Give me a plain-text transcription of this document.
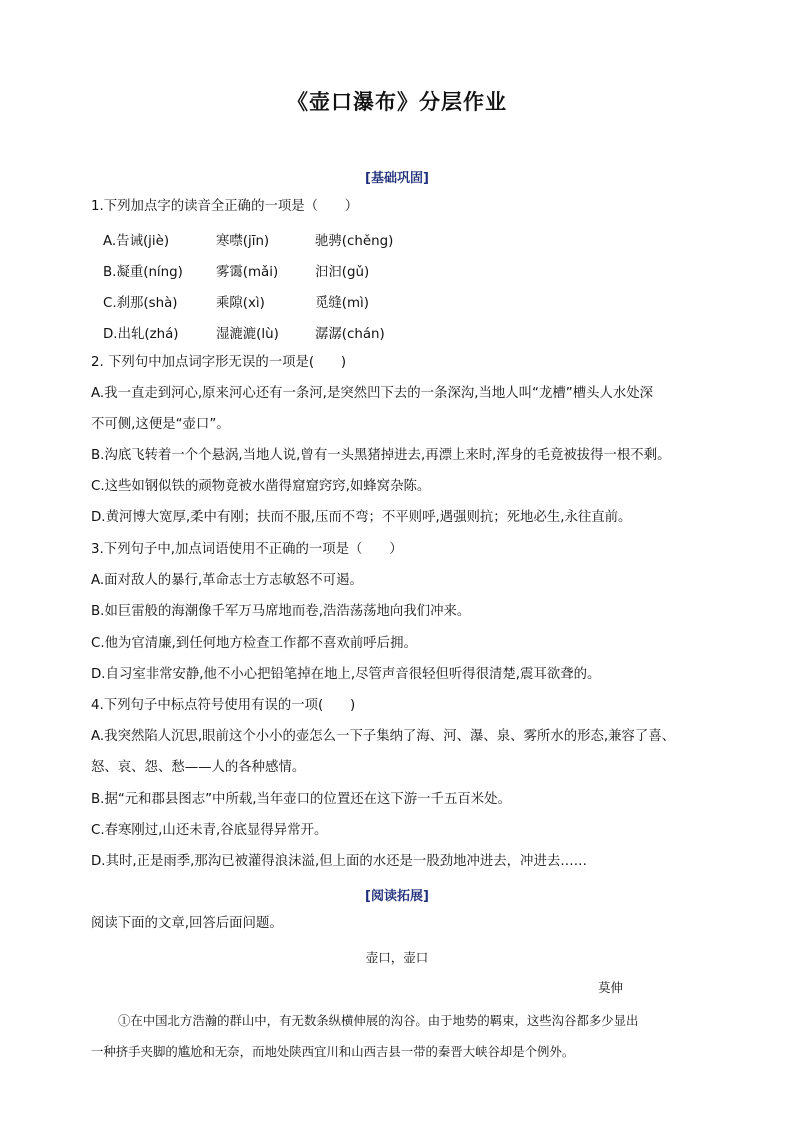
《壶口瀑布》分层作业
[基础巩固]
1.下列加点字的读音全正确的一项是（　　）
A.告诫(jiè)	寒噤(jīn)	驰骋(chěng)
B.凝重(níng) 雾霭(mǎi)	汩汩(gǔ)
C.刹那(shà)	乘隙(xì)	觅缝(mì)
D.出轧(zhá)	湿漉漉(lù)	潺潺(chán)
2. 下列句中加点词字形无误的一项是(　　)
A.我一直走到河心,原来河心还有一条河,是突然凹下去的一条深沟,当地人叫“龙槽”槽头人水处深
不可侧,这便是“壶口”。
B.沟底飞转着一个个悬涡,当地人说,曾有一头黑猪掉进去,再漂上来时,浑身的毛竟被拔得一根不剩。
C.这些如钢似铁的顽物竟被水凿得窟窟窍窍,如蜂窝杂陈。
D.黄河博大宽厚,柔中有刚；扶而不服,压而不弯；不平则呼,遇强则抗；死地必生,永往直前。
3.下列句子中,加点词语使用不正确的一项是（　　）
A.面对敌人的暴行,革命志士方志敏怒不可遏。
B.如巨雷般的海潮像千军万马席地而卷,浩浩荡荡地向我们冲来。
C.他为官清廉,到任何地方检查工作都不喜欢前呼后拥。
D.自习室非常安静,他不小心把铅笔掉在地上,尽管声音很轻但听得很清楚,震耳欲聋的。
4.下列句子中标点符号使用有误的一项(　　)
A.我突然陷人沉思,眼前这个小小的壶怎么一下子集纳了海、河、瀑、泉、雾所水的形态,兼容了喜、
怒、哀、怨、愁——人的各种感情。
B.据“元和郡县图志”中所载,当年壶口的位置还在这下游一千五百米处。
C.春寒刚过,山还未青,谷底显得异常开。
D.其时,正是雨季,那沟已被灌得浪沫溢,但上面的水还是一股劲地冲进去，冲进去……
[阅读拓展]
阅读下面的文章,回答后面问题。
壶口，壶口
莫伸
①在中国北方浩瀚的群山中，有无数条纵横伸展的沟谷。由于地势的羁束，这些沟谷都多少显出
一种挤手夹脚的尴尬和无奈，而地处陕西宜川和山西吉县一带的秦晋大峡谷却是个例外。
